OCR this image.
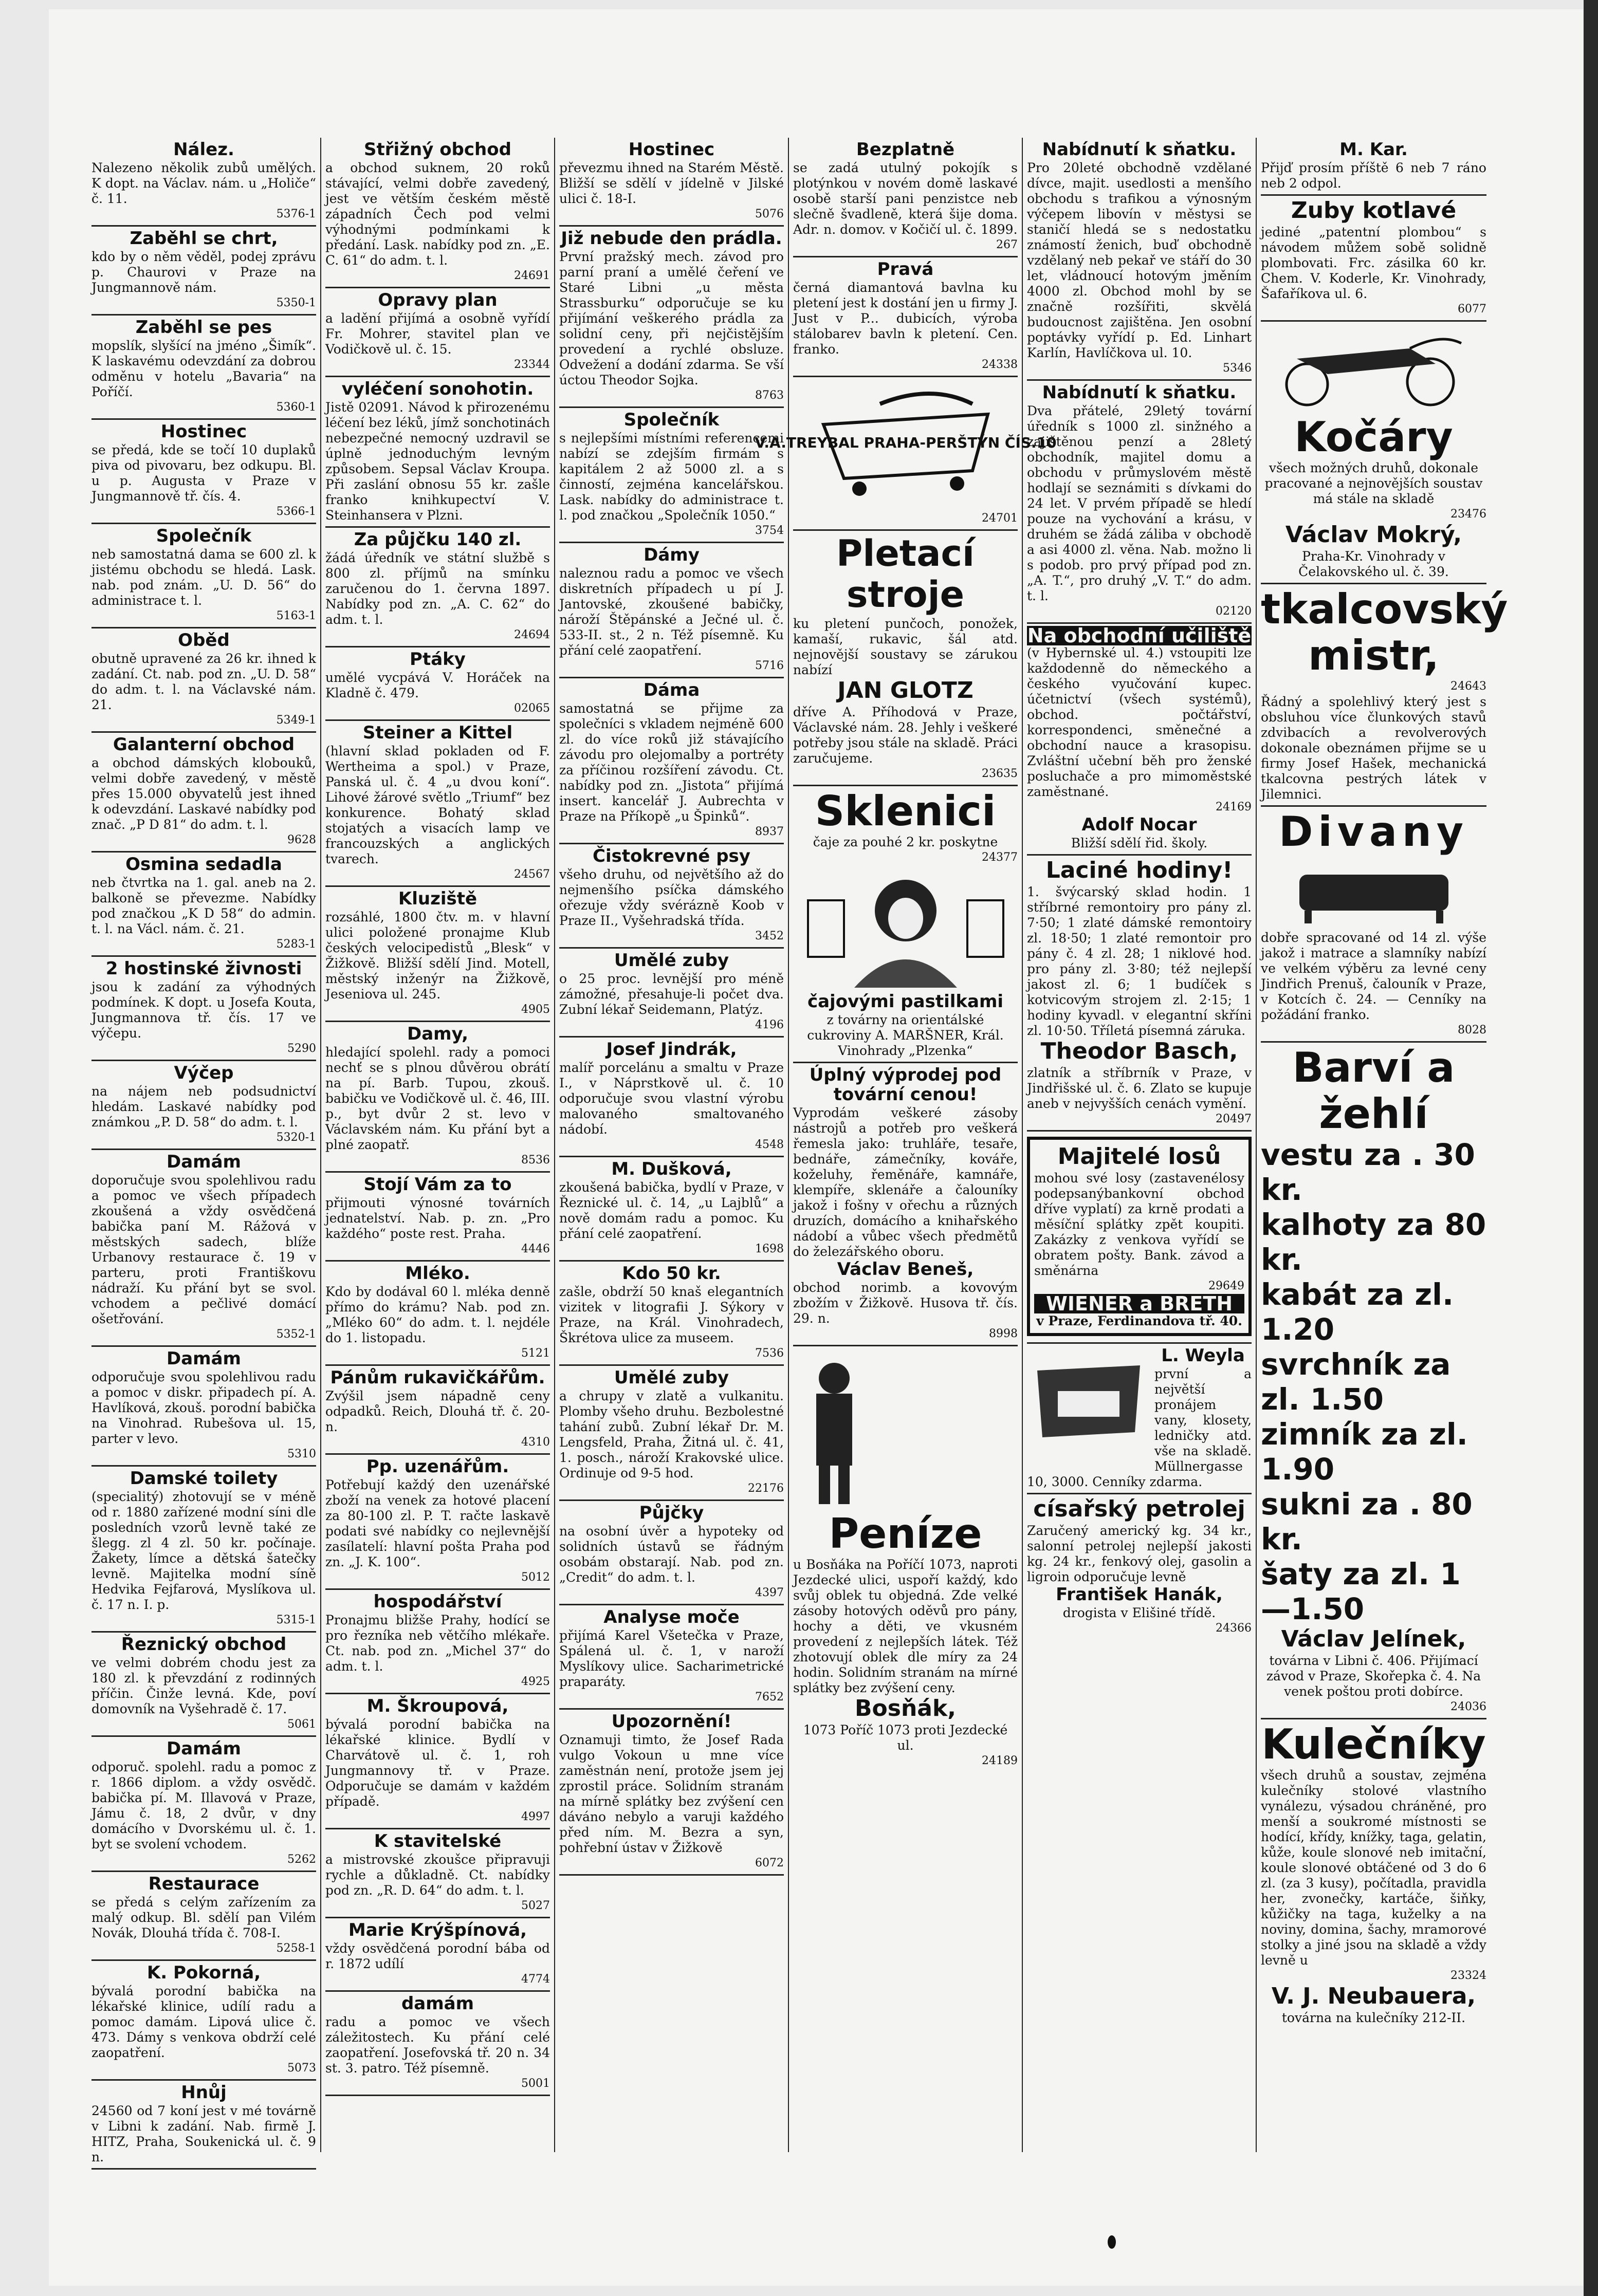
Nález.
Nalezeno několik zubů umělých. K dopt. na Václav. nám. u „Holiče“ č. 11.
5376-1
Zaběhl se chrt,
kdo by o něm věděl, podej zprávu p. Chaurovi v Praze na Jungmannově nám.
5350-1
Zaběhl se pes
mopslík, slyšící na jméno „Šimík“. K laskavému odevzdání za dobrou odměnu v hotelu „Bavaria“ na Poříčí.
5360-1
Hostinec
se předá, kde se točí 10 duplaků piva od pivovaru, bez odkupu. Bl. u p. Augusta v Praze v Jungmannově tř. čís. 4.
5366-1
Společník
neb samostatná dama se 600 zl. k jistému obchodu se hledá. Lask. nab. pod znám. „U. D. 56“ do administrace t. l.
5163-1
Oběd
obutně upravené za 26 kr. ihned k zadání. Ct. nab. pod zn. „U. D. 58“ do adm. t. l. na Václavské nám. 21.
5349-1
Galanterní obchod
a obchod dámských klobouků, velmi dobře zavedený, v městě přes 15.000 obyvatelů jest ihned k odevzdání. Laskavé nabídky pod znač. „P D 81“ do adm. t. l.
9628
Osmina sedadla
neb čtvrtka na 1. gal. aneb na 2. balkoně se převezme. Nabídky pod značkou „K D 58“ do admin. t. l. na Václ. nám. č. 21.
5283-1
2 hostinské živnosti
jsou k zadání za výhodných podmínek. K dopt. u Josefa Kouta, Jungmannova tř. čís. 17 ve výčepu.
5290
Výčep
na nájem neb podsudnictví hledám. Laskavé nabídky pod známkou „P. D. 58“ do adm. t. l.
5320-1
Damám
doporučuje svou spolehlivou radu a pomoc ve všech případech zkoušená a vždy osvědčená babička paní M. Rážová v městských sadech, blíže Urbanovy restaurace č. 19 v parteru, proti Františkovu nádraží. Ku přání byt se svol. vchodem a pečlivé domácí ošetřování.
5352-1
Damám
odporučuje svou spolehlivou radu a pomoc v diskr. připadech pí. A. Havlíková, zkouš. porodní babička na Vinohrad. Rubešova ul. 15, parter v levo.
5310
Damské toilety
(specialitý) zhotovují se v méně od r. 1880 zařízené modní síni dle posledních vzorů levně také ze šlegg. zl 4 zl. 50 kr. počínaje. Žakety, límce a dětská šatečky levně. Majitelka modní síně Hedvika Fejfarová, Myslíkova ul. č. 17 n. I. p.
5315-1
Řeznický obchod
ve velmi dobrém chodu jest za 180 zl. k převzdání z rodinných příčin. Činže levná. Kde, poví domovník na Vyšehradě č. 17.
5061
Damám
odporuč. spolehl. radu a pomoc z r. 1866 diplom. a vždy osvědč. babička pí. M. Illavová v Praze, Jámu č. 18, 2 dvůr, v dny domácího v Dvorskému ul. č. 1. byt se svolení vchodem.
5262
Restaurace
se předá s celým zařízením za malý odkup. Bl. sdělí pan Vilém Novák, Dlouhá třída č. 708-I.
5258-1
K. Pokorná,
bývalá porodní babička na lékařské klinice, udílí radu a pomoc damám. Lipová ulice č. 473. Dámy s venkova obdrží celé zaopatření.
5073
Hnůj
24560 od 7 koní jest v mé továrně v Libni k zadání. Nab. firmě J. HITZ, Praha, Soukenická ul. č. 9 n.
Střižný obchod
a obchod suknem, 20 roků stávající, velmi dobře zavedený, jest ve větším českém městě západních Čech pod velmi výhodnými podmínkami k předání. Lask. nabídky pod zn. „E. C. 61“ do adm. t. l.
24691
Opravy plan
a ladění přijímá a osobně vyřídí Fr. Mohrer, stavitel plan ve Vodičkově ul. č. 15.
23344
vyléčení sonohotin.
Jistě 02091. Návod k přirozenému léčení bez léků, jímž sonchotinách nebezpečné nemocný uzdravil se úplně jednoduchým levným způsobem. Sepsal Václav Kroupa. Při zaslání obnosu 55 kr. zašle franko knihkupectví V. Steinhansera v Plzni.
Za půjčku 140 zl.
žádá úředník ve státní službě s 800 zl. příjmů na smínku zaručenou do 1. června 1897. Nabídky pod zn. „A. C. 62“ do adm. t. l.
24694
Ptáky
umělé vycpává V. Horáček na Kladně č. 479.
02065
Steiner a Kittel
(hlavní sklad pokladen od F. Wertheima a spol.) v Praze, Panská ul. č. 4 „u dvou koní“. Lihové žárové světlo „Triumf“ bez konkurence. Bohatý sklad stojatých a visacích lamp ve francouzských a anglických tvarech.
24567
Kluziště
rozsáhlé, 1800 čtv. m. v hlavní ulici položené pronajme Klub českých velocipedistů „Blesk“ v Žižkově. Bližší sdělí Jind. Motell, městský inženýr na Žižkově, Jeseniova ul. 245.
4905
Damy,
hledající spolehl. rady a pomoci nechť se s plnou důvěrou obrátí na pí. Barb. Tupou, zkouš. babičku ve Vodičkově ul. č. 46, III. p., byt dvůr 2 st. levo v Václavském nám. Ku přání byt a plné zaopatř.
8536
Stojí Vám za to
přijmouti výnosné továrních jednatelství. Nab. p. zn. „Pro každého“ poste rest. Praha.
4446
Mléko.
Kdo by dodával 60 l. mléka denně přímo do krámu? Nab. pod zn. „Mléko 60“ do adm. t. l. nejdéle do 1. listopadu.
5121
Pánům rukavičkářům.
Zvýšil jsem nápadně ceny odpadků. Reich, Dlouhá tř. č. 20-n.
4310
Pp. uzenářům.
Potřebují každý den uzenářské zboží na venek za hotové placení za 80-100 zl. P. T. račte laskavě podati své nabídky co nejlevnější zasílatelí: hlavní pošta Praha pod zn. „J. K. 100“.
5012
hospodářství
Pronajmu bližše Prahy, hodící se pro řezníka neb větčího mlékaře. Ct. nab. pod zn. „Michel 37“ do adm. t. l.
4925
M. Škroupová,
bývalá porodní babička na lékařské klinice. Bydlí v Charvátově ul. č. 1, roh Jungmannovy tř. v Praze. Odporučuje se damám v každém případě.
4997
K stavitelské
a mistrovské zkoušce připravuji rychle a důkladně. Ct. nabídky pod zn. „R. D. 64“ do adm. t. l.
5027
Marie Krýšpínová,
vždy osvědčená porodní bába od r. 1872 udílí
4774
damám
radu a pomoc ve všech záležitostech. Ku přání celé zaopatření. Josefovská tř. 20 n. 34 st. 3. patro. Též písemně.
5001
Hostinec
převezmu ihned na Starém Městě. Bližší se sdělí v jídelně v Jilské ulici č. 18-I.
5076
Již nebude den prádla.
První pražský mech. závod pro parní praní a umělé čeření ve Staré Libni „u města Strassburku“ odporučuje se ku přijímání veškerého prádla za solidní ceny, při nejčistějším provedení a rychlé obsluze. Odvežení a dodání zdarma. Se vší úctou Theodor Sojka.
8763
Společník
s nejlepšími místními referencemi nabízí se zdejším firmám s kapitálem 2 až 5000 zl. a s činností, zejména kancelářskou. Lask. nabídky do administrace t. l. pod značkou „Společník 1050.“
3754
Dámy
naleznou radu a pomoc ve všech diskretních případech u pí J. Jantovské, zkoušené babičky, nároží Štěpánské a Ječné ul. č. 533-II. st., 2 n. Též písemně. Ku přání celé zaopatření.
5716
Dáma
samostatná se přijme za společníci s vkladem nejméně 600 zl. do více roků již stávajícího závodu pro olejomalby a portréty za příčinou rozšíření závodu. Ct. nabídky pod zn. „Jistota“ přijímá insert. kancelář J. Aubrechta v Praze na Příkopě „u Špinků“.
8937
Čistokrevné psy
všeho druhu, od největšího až do nejmenšího psíčka dámského ořezuje vždy svérázně Koob v Praze II., Vyšehradská třída.
3452
Umělé zuby
o 25 proc. levnější pro méně zámožné, přesahuje-li počet dva. Zubní lékař Seidemann, Platýz.
4196
Josef Jindrák,
malíř porcelánu a smaltu v Praze I., v Náprstkově ul. č. 10 odporučuje svou vlastní výrobu malovaného smaltovaného nádobí.
4548
M. Dušková,
zkoušená babička, bydlí v Praze, v Řeznické ul. č. 14, „u Lajblů“ a nově domám radu a pomoc. Ku přání celé zaopatření.
1698
Kdo 50 kr.
zašle, obdrží 50 knaš elegantních vizitek v litografii J. Sýkory v Praze, na Král. Vinohradech, Škrétova ulice za museem.
7536
Umělé zuby
a chrupy v zlatě a vulkanitu. Plomby všeho druhu. Bezbolestné tahání zubů. Zubní lékař Dr. M. Lengsfeld, Praha, Žitná ul. č. 41, 1. posch., nároží Krakovské ulice. Ordinuje od 9-5 hod.
22176
Půjčky
na osobní úvěr a hypoteky od solidních ústavů se řádným osobám obstarají. Nab. pod zn. „Credit“ do adm. t. l.
4397
Analyse moče
přijímá Karel Všetečka v Praze, Spálená ul. č. 1, v naroží Myslíkovy ulice. Sacharimetrické praparáty.
7652
Upozornění!
Oznamuji timto, že Josef Rada vulgo Vokoun u mne více zaměstnán není, protože jsem jej zprostil práce. Solidním stranám na mírně splátky bez zvýšení cen dáváno nebylo a varuji každého před ním. M. Bezra a syn, pohřební ústav v Žižkově
6072
Bezplatně
se zadá utulný pokojík s plotýnkou v novém domě laskavé osobě starší pani penzistce neb slečně švadleně, která šije doma. Adr. n. domov. v Kočičí ul. č. 1899.
267
Pravá
černá diamantová bavlna ku pletení jest k dostání jen u firmy J. Just v P... dubicích, výroba stálobarev bavln k pletení. Cen. franko.
24338
V.A.TREYBAL PRAHA-PERŠTÝN ČÍS.10
24701
Pletací stroje
ku pletení punčoch, ponožek, kamaší, rukavic, šál atd. nejnovější soustavy se zárukou nabízí
JAN GLOTZ
dříve A. Příhodová v Praze, Václavské nám. 28. Jehly i veškeré potřeby jsou stále na skladě. Práci zaručujeme.
23635
Sklenici
čaje za pouhé 2 kr. poskytne
24377
čajovými pastilkami
z továrny na orientálské cukroviny A. MARŠNER, Král. Vinohrady „Plzenka“
Úplný výprodej pod tovární cenou!
Vyprodám veškeré zásoby nástrojů a potřeb pro veškerá řemesla jako: truhláře, tesaře, bednáře, zámečníky, kováře, koželuhy, řeměnáře, kamnáře, klempíře, sklenáře a čalouníky jakož i fošny v ořechu a různých druzích, domácího a knihařského nádobí a vůbec všech předmětů do železářského oboru.
Václav Beneš,
obchod norimb. a kovovým zbožím v Žižkově. Husova tř. čís. 29. n.
8998
Peníze
u Bosňáka na Poříčí 1073, naproti Jezdecké ulici, uspoří každý, kdo svůj oblek tu objedná. Zde velké zásoby hotových oděvů pro pány, hochy a děti, ve vkusném provedení z nejlepších látek. Též zhotovují oblek dle míry za 24 hodin. Solidním stranám na mírné splátky bez zvýšení ceny.
Bosňák,
1073 Poříč 1073 proti Jezdecké ul.
24189
Nabídnutí k sňatku.
Pro 20leté obchodně vzdělané dívce, majit. usedlosti a menšího obchodu s trafikou a výnosným výčepem libovín v městysi se staničí hledá se s nedostatku známostí ženich, buď obchodně vzdělaný neb pekař ve stáří do 30 let, vládnoucí hotovým jměním 4000 zl. Obchod mohl by se značně rozšířiti, skvělá budoucnost zajištěna. Jen osobní poptávky vyřídí p. Ed. Linhart Karlín, Havlíčkova ul. 10.
5346
Nabídnutí k sňatku.
Dva přátelé, 29letý tovární úředník s 1000 zl. sinžného a zajištěnou penzí a 28letý obchodník, majitel domu a obchodu v průmyslovém městě hodlají se seznámiti s dívkami do 24 let. V prvém případě se hledí pouze na vychování a krásu, v druhém se žádá záliba v obchodě a asi 4000 zl. věna. Nab. možno li s podob. pro prvý případ pod zn. „A. T.“, pro druhý „V. T.“ do adm. t. l.
02120
Na obchodní učiliště
(v Hybernské ul. 4.) vstoupiti lze každodenně do německého a českého vyučování kupec. účetnictví (všech systémů), obchod. počtářství, korrespondenci, směnečné a obchodní nauce a krasopisu. Zvláštní učební běh pro ženské posluchače a pro mimoměstské zaměstnané.
24169
Adolf Nocar
Bližší sdělí řid. školy.
Laciné hodiny!
1. švýcarský sklad hodin. 1 stříbrné remontoiry pro pány zl. 7·50; 1 zlaté dámské remontoiry zl. 18·50; 1 zlaté remontoir pro pány č. 4 zl. 28; 1 niklové hod. pro pány zl. 3·80; též nejlepší jakost zl. 6; 1 budíček s kotvicovým strojem zl. 2·15; 1 hodiny kyvadl. v elegantní skříni zl. 10·50. Tříletá písemná záruka.
Theodor Basch,
zlatník a stříbrník v Praze, v Jindřišské ul. č. 6. Zlato se kupuje aneb v nejvyšších cenách vymění.
20497
Majitelé losů
mohou své losy (zastavenélosy podepsanýbankovní obchod dříve vyplatí) za krně prodati a měsíční splátky zpět koupiti. Zakázky z venkova vyřídí se obratem pošty. Bank. závod a směnárna
29649
WIENER a BRETH
v Praze, Ferdinandova tř. 40.
L. Weyla
první a největší pronájem vany, klosety, ledničky atd. vše na skladě. Müllnergasse 10, 3000. Cenníky zdarma.
císařský petrolej
Zaručený americký kg. 34 kr., salonní petrolej nejlepší jakosti kg. 24 kr., fenkový olej, gasolin a ligroin odporučuje levně
František Hanák,
drogista v Elišiné třídě.
24366
M. Kar.
Přijď prosím příště 6 neb 7 ráno neb 2 odpol.
Zuby kotlavé
jediné „patentní plombou“ s návodem můžem sobě solidně plombovati. Frc. zásilka 60 kr. Chem. V. Koderle, Kr. Vinohrady, Šafaříkova ul. 6.
6077
Kočáry
všech možných druhů, dokonale pracované a nejnovějších soustav má stále na skladě
23476
Václav Mokrý,
Praha-Kr. Vinohrady v Čelakovského ul. č. 39.
tkalcovský mistr,
24643
Řádný a spolehlivý který jest s obsluhou více člunkových stavů zdvibacích a revolverových dokonale obeznámen přijme se u firmy Josef Hašek, mechanická tkalcovna pestrých látek v Jilemnici.
Divany
dobře spracované od 14 zl. výše jakož i matrace a slamníky nabízí ve velkém výběru za levné ceny Jindřich Prenuš, čalouník v Praze, v Kotcích č. 24. — Cenníky na požádání franko.
8028
Barví a žehlí
vestu za . 30 kr.
kalhoty za 80 kr.
kabát za zl. 1.20
svrchník za zl. 1.50
zimník za zl. 1.90
sukni za . 80 kr.
šaty za zl. 1—1.50
Václav Jelínek,
továrna v Libni č. 406. Přijímací závod v Praze, Skořepka č. 4. Na venek poštou proti dobírce.
24036
Kulečníky
všech druhů a soustav, zejména kulečníky stolové vlastního vynálezu, výsadou chráněné, pro menší a soukromé místnosti se hodící, křídy, knížky, taga, gelatin, kůže, koule slonové neb imitační, koule slonové obtáčené od 3 do 6 zl. (za 3 kusy), počítadla, pravidla her, zvonečky, kartáče, šiňky, kůžičky na taga, kuželky a na noviny, domina, šachy, mramorové stolky a jiné jsou na skladě a vždy levně u
23324
V. J. Neubauera,
továrna na kulečníky 212-II.
